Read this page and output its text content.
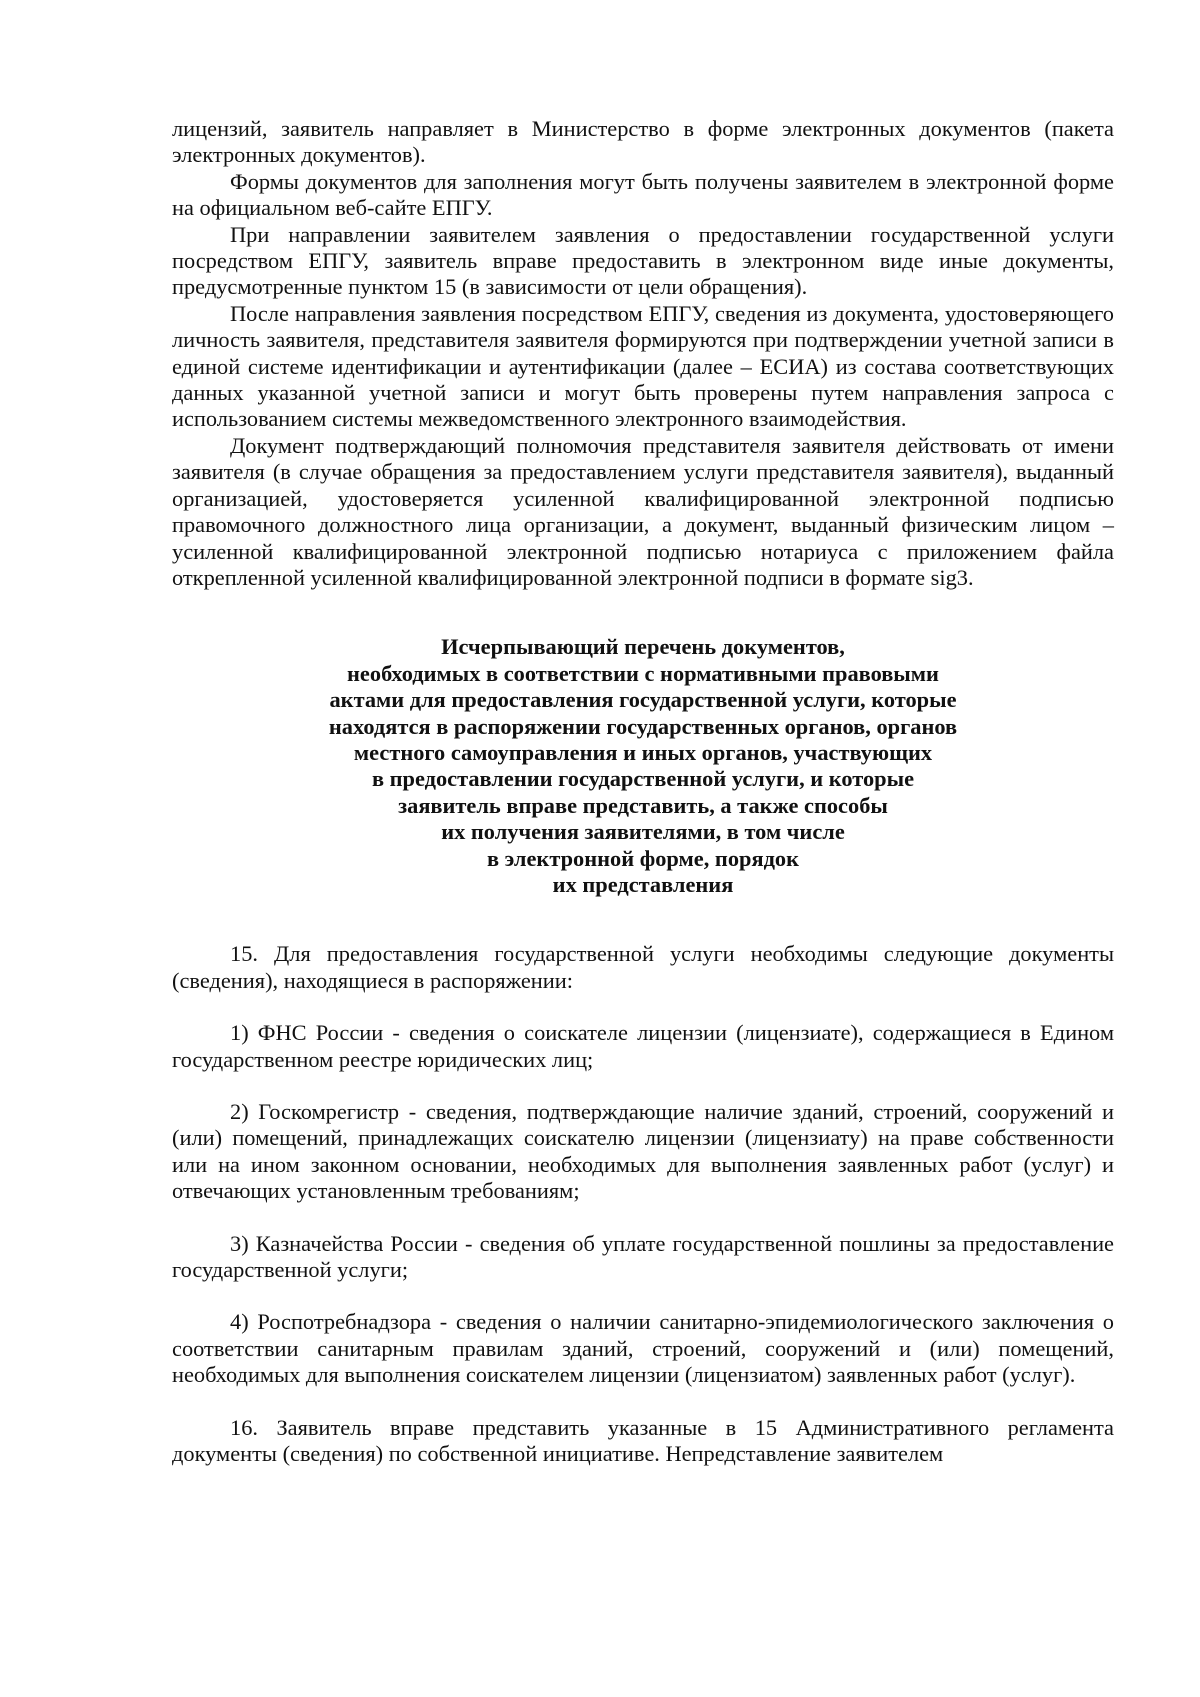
лицензий, заявитель направляет в Министерство в форме электронных документов (пакета электронных документов).

Формы документов для заполнения могут быть получены заявителем в электронной форме на официальном веб-сайте ЕПГУ.

При направлении заявителем заявления о предоставлении государственной услуги посредством ЕПГУ, заявитель вправе предоставить в электронном виде иные документы, предусмотренные пунктом 15 (в зависимости от цели обращения).

После направления заявления посредством ЕПГУ, сведения из документа, удостоверяющего личность заявителя, представителя заявителя формируются при подтверждении учетной записи в единой системе идентификации и аутентификации (далее – ЕСИА) из состава соответствующих данных указанной учетной записи и могут быть проверены путем направления запроса с использованием системы межведомственного электронного взаимодействия.

Документ подтверждающий полномочия представителя заявителя действовать от имени заявителя (в случае обращения за предоставлением услуги представителя заявителя), выданный организацией, удостоверяется усиленной квалифицированной электронной подписью правомочного должностного лица организации, а документ, выданный физическим лицом – усиленной квалифицированной электронной подписью нотариуса с приложением файла открепленной усиленной квалифицированной электронной подписи в формате sig3.

Исчерпывающий перечень документов,
необходимых в соответствии с нормативными правовыми
актами для предоставления государственной услуги, которые
находятся в распоряжении государственных органов, органов
местного самоуправления и иных органов, участвующих
в предоставлении государственной услуги, и которые
заявитель вправе представить, а также способы
их получения заявителями, в том числе
в электронной форме, порядок
их представления

15. Для предоставления государственной услуги необходимы следующие документы (сведения), находящиеся в распоряжении:

1) ФНС России - сведения о соискателе лицензии (лицензиате), содержащиеся в Едином государственном реестре юридических лиц;

2) Госкомрегистр - сведения, подтверждающие наличие зданий, строений, сооружений и (или) помещений, принадлежащих соискателю лицензии (лицензиату) на праве собственности или на ином законном основании, необходимых для выполнения заявленных работ (услуг) и отвечающих установленным требованиям;

3) Казначейства России - сведения об уплате государственной пошлины за предоставление государственной услуги;

4) Роспотребнадзора - сведения о наличии санитарно-эпидемиологического заключения о соответствии санитарным правилам зданий, строений, сооружений и (или) помещений, необходимых для выполнения соискателем лицензии (лицензиатом) заявленных работ (услуг).

16. Заявитель вправе представить указанные в 15 Административного регламента документы (сведения) по собственной инициативе. Непредставление заявителем
